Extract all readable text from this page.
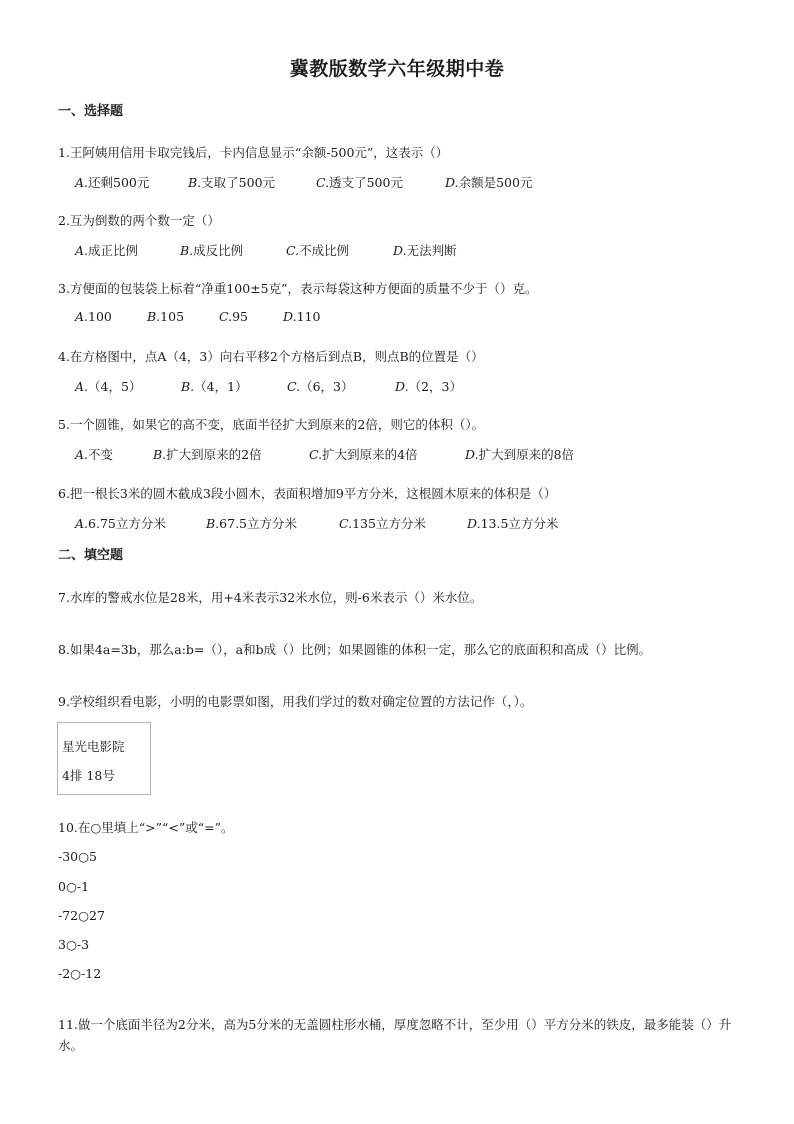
冀教版数学六年级期中卷
一、选择题
1.王阿姨用信用卡取完钱后，卡内信息显示“余额-500元”，这表示（）
A.还剩500元	B.支取了500元	C.透支了500元	D.余额是500元
2.互为倒数的两个数一定（）
A.成正比例	B.成反比例	C.不成比例	D.无法判断
3.方便面的包装袋上标着“净重100±5克”，表示每袋这种方便面的质量不少于（）克。
A.100	B.105	C.95	D.110
4.在方格图中，点A（4，3）向右平移2个方格后到点B，则点B的位置是（）
A.（4，5）	B.（4，1）	C.（6，3）	D.（2，3）
5.一个圆锥，如果它的高不变，底面半径扩大到原来的2倍，则它的体积（）。
A.不变	B.扩大到原来的2倍	C.扩大到原来的4倍	D.扩大到原来的8倍
6.把一根长3米的圆木截成3段小圆木，表面积增加9平方分米，这根圆木原来的体积是（）
A.6.75立方分米	B.67.5立方分米	C.135立方分米	D.13.5立方分米
二、填空题
7.水库的警戒水位是28米，用+4米表示32米水位，则-6米表示（）米水位。
8.如果4a=3b，那么a:b=（），a和b成（）比例；如果圆锥的体积一定，那么它的底面积和高成（）比例。
9.学校组织看电影，小明的电影票如图，用我们学过的数对确定位置的方法记作（，）。
星光电影院
4排 18号
10.在○里填上“>”“<”或“=”。
-30○5
0○-1
-72○27
3○-3
-2○-12
11.做一个底面半径为2分米，高为5分米的无盖圆柱形水桶，厚度忽略不计，至少用（）平方分米的铁皮，最多能装（）升水。
